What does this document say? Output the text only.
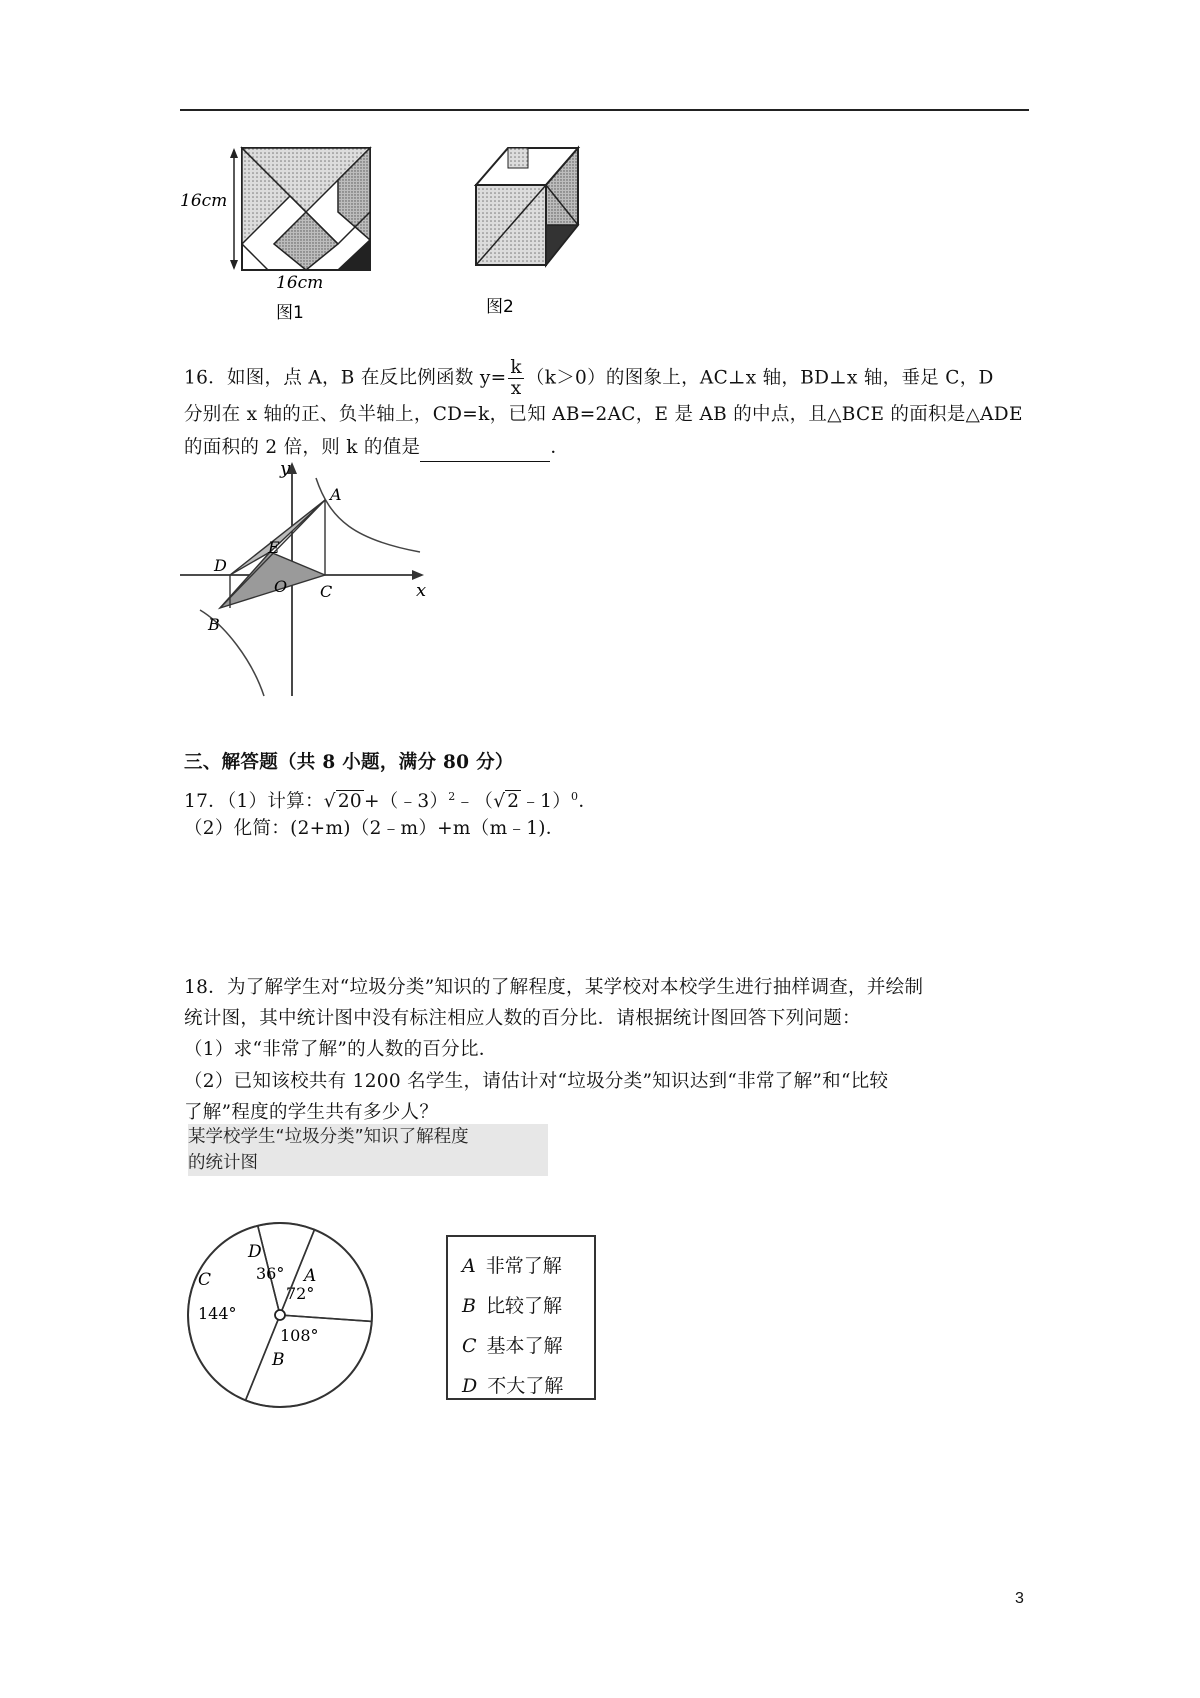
16cm
16cm
图1	图2
16．如图，点 A，B 在反比例函数 $y= \frac{k}{x} (k>0)$的图象上，AC⊥x 轴，BD⊥x 轴，垂足 C，D
分别在 x 轴的正、负半轴上，CD=k，已知 AB=2AC，E 是 AB 的中点，且△BCE 的面积是△ADE
的面积的 2 倍，则 k 的值是	．
y
x
A
B
C
D
E
O
三、解答题（共 8 小题，满分 80 分）
17．（1）计算：√ 20 +（﹣3）$^2$﹣（√ 2 ﹣1）$^0$．
（2）化简：(2+m)（2﹣m）+m（m﹣1)．
18．为了解学生对“垃圾分类”知识的了解程度，某学校对本校学生进行抽样调查，并绘制
统计图，其中统计图中没有标注相应人数的百分比．请根据统计图回答下列问题：
（1）求“非常了解”的人数的百分比．
（2）已知该校共有 1200 名学生，请估计对“垃圾分类”知识达到“非常了解”和“比较
了解”程度的学生共有多少人？
某学校学生“垃圾分类”知识了解程度
的统计图
A
72°
B
108°
C
144°
D
36°	A 非常了解
B 比较了解
C 基本了解
D 不大了解
3
